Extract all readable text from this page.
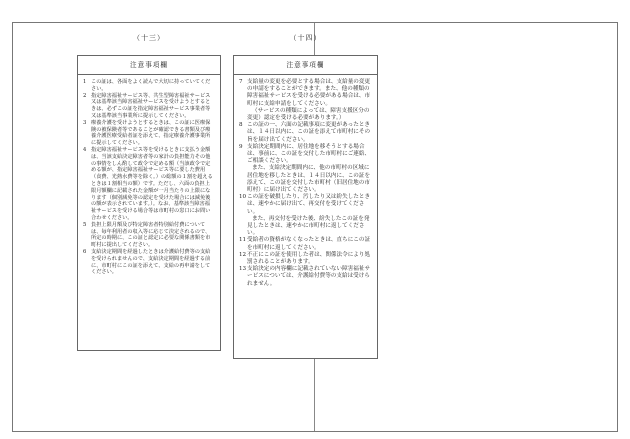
（十三）
注意事項欄

1 この証は、各面をよく読んで大切に持っていてください。

2 指定障害福祉サービス等、共生型障害福祉サービス又は基準該当障害福祉サービスを受けようとするときは、必ずこの証を指定障害福祉サービス事業者等又は基準該当事業所に提示してください。

3 療養介護を受けようとするときは、この証に医療保険の被保険者等であることが確認できる書類及び療養介護医療受給者証を添えて、指定療養介護事業所に提示してください。

4 指定障害福祉サービス等を受けるときに支払う金額は、当該支給決定障害者等の家計の負担能力その他の事情をしん酌して政令で定める額（当該政令で定める額が、指定障害福祉サービス等に要した費用（食費、光熱水費等を除く。）の総額の１割を超えるときは１割相当の額）です。ただし、六面の負担上限月額欄に記載された金額が一月当たりの上限になります（個別減免等の認定を受けた場合には減免後の額が表示されています。）。なお、基準該当障害福祉サービスを受ける場合等は市町村の窓口にお問い合わせください。

5 負担上限月額及び特定障害者特別給付費については、毎年利用者の収入等に応じて決定されるので、所定の時期に、この証と認定に必要な関係書類を市町村に提出してください。

6 支給決定期間を経過したときは介護給付費等の支給を受けられませんので、支給決定期間を経過する前に、市町村にこの証を添えて、支給の再申請をしてください。

（十四）
注意事項欄

7 支給量の変更を必要とする場合は、支給量の変更の申請をすることができます。また、他の種類の障害福祉サービスを受ける必要がある場合は、市町村に支給申請をしてください。
（サービスの種類によっては、障害支援区分の変更）認定を受ける必要があります。）

8 この証の一、六面の記載事項に変更があったときは、１４日以内に、この証を添えて市町村にその旨を届け出てください。

9 支給決定期間内に、居住地を移そうとする場合は、事前に、この証を交付した市町村にご連絡、ご相談ください。
また、支給決定期間内に、他の市町村の区域に居住地を移したときは、１４日以内に、この証を添えて、この証を交付した市町村（旧居住地の市町村）に届け出てください。

10 この証を破損したり、汚したり又は紛失したときは、速やかに届け出て、再交付を受けてください。
また、再交付を受けた後、紛失したこの証を発見したときは、速やかに市町村に返してください。

11 受給者の資格がなくなったときは、直ちにこの証を市町村に返してください。

12 不正にこの証を使用した者は、関係法令により処罰されることがあります。

13 支給決定の内容欄に記載されていない障害福祉サービスについては、介護給付費等の支給は受けられません。
